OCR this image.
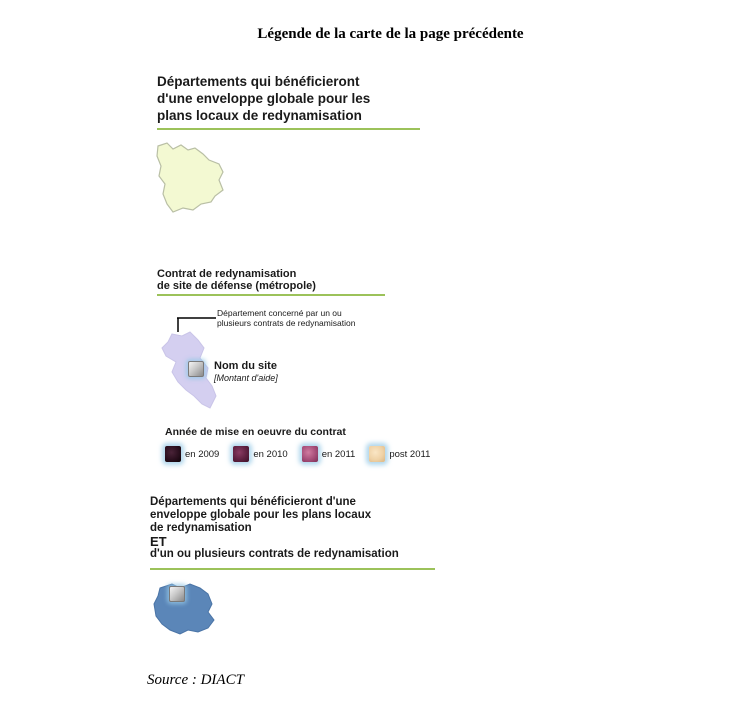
Légende de la carte de la page précédente
Départements qui bénéficieront
d'une enveloppe globale pour les
plans locaux de redynamisation
Contrat de redynamisation
de site de défense (métropole)
Département concerné par un ou
plusieurs contrats de redynamisation
Nom du site
[Montant d'aide]
Année de mise en oeuvre du contrat
en 2009	en 2010	en 2011	post 2011
Départements qui bénéficieront d'une
enveloppe globale pour les plans locaux
de redynamisation
ET
d'un ou plusieurs contrats de redynamisation
Source : DIACT
